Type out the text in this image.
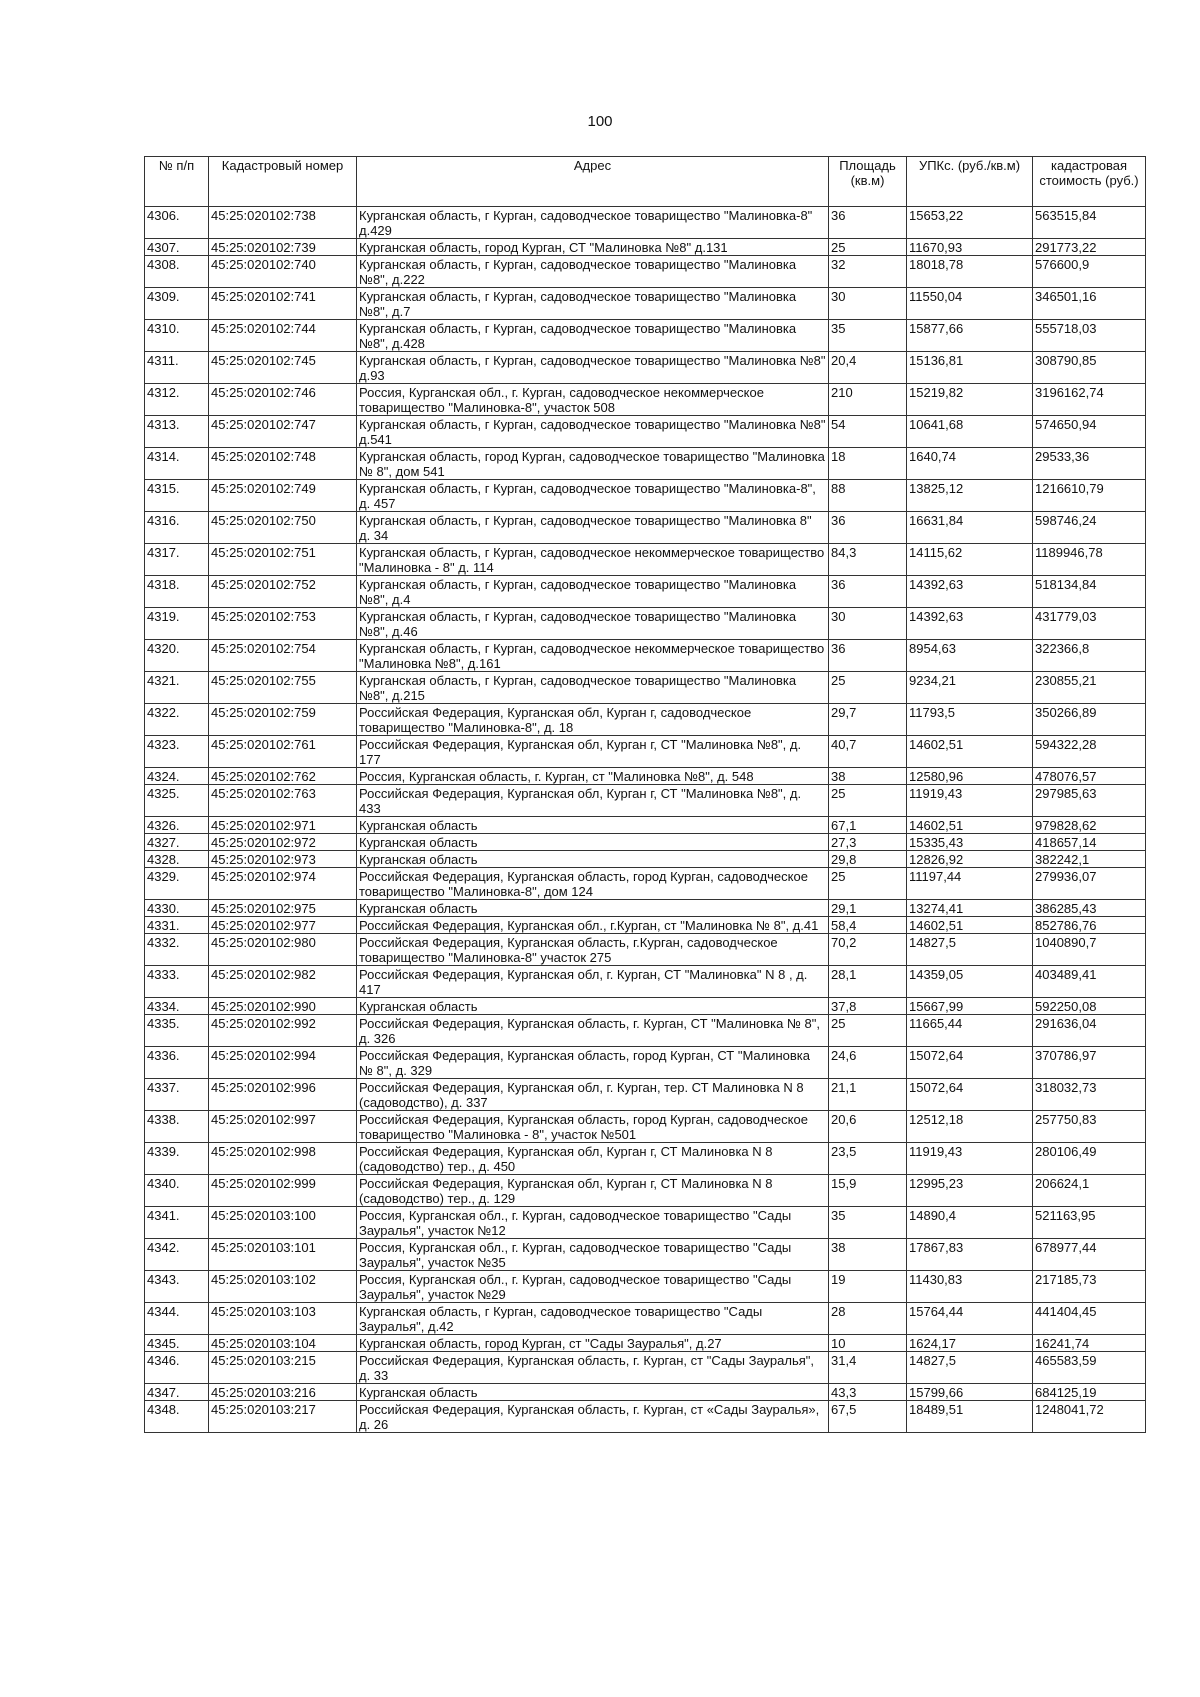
100
№ п/п	Кадастровый номер	Адрес	Площадь (кв.м)	УПКс. (руб./кв.м)	кадастровая стоимость (руб.)
4306.	45:25:020102:738	Курганская область, г Курган, садоводческое товарищество "Малиновка-8" д.429	36	15653,22	563515,84
4307.	45:25:020102:739	Курганская область, город Курган, СТ "Малиновка №8" д.131	25	11670,93	291773,22
4308.	45:25:020102:740	Курганская область, г Курган, садоводческое товарищество "Малиновка №8", д.222	32	18018,78	576600,9
4309.	45:25:020102:741	Курганская область, г Курган, садоводческое товарищество "Малиновка №8", д.7	30	11550,04	346501,16
4310.	45:25:020102:744	Курганская область, г Курган, садоводческое товарищество "Малиновка №8", д.428	35	15877,66	555718,03
4311.	45:25:020102:745	Курганская область, г Курган, садоводческое товарищество "Малиновка №8" д.93	20,4	15136,81	308790,85
4312.	45:25:020102:746	Россия, Курганская обл., г. Курган, садоводческое некоммерческое товарищество "Малиновка-8", участок 508	210	15219,82	3196162,74
4313.	45:25:020102:747	Курганская область, г Курган, садоводческое товарищество "Малиновка №8" д.541	54	10641,68	574650,94
4314.	45:25:020102:748	Курганская область, город Курган, садоводческое товарищество "Малиновка № 8", дом 541	18	1640,74	29533,36
4315.	45:25:020102:749	Курганская область, г Курган, садоводческое товарищество "Малиновка-8", д. 457	88	13825,12	1216610,79
4316.	45:25:020102:750	Курганская область, г Курган, садоводческое товарищество "Малиновка 8" д. 34	36	16631,84	598746,24
4317.	45:25:020102:751	Курганская область, г Курган, садоводческое некоммерческое товарищество "Малиновка - 8" д. 114	84,3	14115,62	1189946,78
4318.	45:25:020102:752	Курганская область, г Курган, садоводческое товарищество "Малиновка №8", д.4	36	14392,63	518134,84
4319.	45:25:020102:753	Курганская область, г Курган, садоводческое товарищество "Малиновка №8", д.46	30	14392,63	431779,03
4320.	45:25:020102:754	Курганская область, г Курган, садоводческое некоммерческое товарищество "Малиновка №8", д.161	36	8954,63	322366,8
4321.	45:25:020102:755	Курганская область, г Курган, садоводческое товарищество "Малиновка №8", д.215	25	9234,21	230855,21
4322.	45:25:020102:759	Российская Федерация, Курганская обл, Курган г, садоводческое товарищество "Малиновка-8", д. 18	29,7	11793,5	350266,89
4323.	45:25:020102:761	Российская Федерация, Курганская обл, Курган г, СТ "Малиновка №8", д. 177	40,7	14602,51	594322,28
4324.	45:25:020102:762	Россия, Курганская область, г. Курган, ст "Малиновка №8", д. 548	38	12580,96	478076,57
4325.	45:25:020102:763	Российская Федерация, Курганская обл, Курган г, СТ "Малиновка №8", д. 433	25	11919,43	297985,63
4326.	45:25:020102:971	Курганская область	67,1	14602,51	979828,62
4327.	45:25:020102:972	Курганская область	27,3	15335,43	418657,14
4328.	45:25:020102:973	Курганская область	29,8	12826,92	382242,1
4329.	45:25:020102:974	Российская Федерация, Курганская область, город Курган, садоводческое товарищество "Малиновка-8", дом 124	25	11197,44	279936,07
4330.	45:25:020102:975	Курганская область	29,1	13274,41	386285,43
4331.	45:25:020102:977	Российская Федерация, Курганская обл., г.Курган, ст "Малиновка № 8", д.41	58,4	14602,51	852786,76
4332.	45:25:020102:980	Российская Федерация, Курганская область, г.Курган, садоводческое товарищество "Малиновка-8" участок 275	70,2	14827,5	1040890,7
4333.	45:25:020102:982	Российская Федерация, Курганская обл, г. Курган, СТ "Малиновка" N 8 , д. 417	28,1	14359,05	403489,41
4334.	45:25:020102:990	Курганская область	37,8	15667,99	592250,08
4335.	45:25:020102:992	Российская Федерация, Курганская область, г. Курган, СТ "Малиновка № 8", д. 326	25	11665,44	291636,04
4336.	45:25:020102:994	Российская Федерация, Курганская область, город Курган, СТ "Малиновка № 8", д. 329	24,6	15072,64	370786,97
4337.	45:25:020102:996	Российская Федерация, Курганская обл, г. Курган, тер. СТ Малиновка N 8 (садоводство), д. 337	21,1	15072,64	318032,73
4338.	45:25:020102:997	Российская Федерация, Курганская область, город Курган, садоводческое товарищество "Малиновка - 8", участок №501	20,6	12512,18	257750,83
4339.	45:25:020102:998	Российская Федерация, Курганская обл, Курган г, СТ Малиновка N 8 (садоводство) тер., д. 450	23,5	11919,43	280106,49
4340.	45:25:020102:999	Российская Федерация, Курганская обл, Курган г, СТ Малиновка N 8 (садоводство) тер., д. 129	15,9	12995,23	206624,1
4341.	45:25:020103:100	Россия, Курганская обл., г. Курган, садоводческое товарищество "Сады Зауралья", участок №12	35	14890,4	521163,95
4342.	45:25:020103:101	Россия, Курганская обл., г. Курган, садоводческое товарищество "Сады Зауралья", участок №35	38	17867,83	678977,44
4343.	45:25:020103:102	Россия, Курганская обл., г. Курган, садоводческое товарищество "Сады Зауралья", участок №29	19	11430,83	217185,73
4344.	45:25:020103:103	Курганская область, г Курган, садоводческое товарищество "Сады Зауралья", д.42	28	15764,44	441404,45
4345.	45:25:020103:104	Курганская область, город Курган, ст "Сады Зауралья", д.27	10	1624,17	16241,74
4346.	45:25:020103:215	Российская Федерация, Курганская область, г. Курган, ст "Сады Зауралья", д. 33	31,4	14827,5	465583,59
4347.	45:25:020103:216	Курганская область	43,3	15799,66	684125,19
4348.	45:25:020103:217	Российская Федерация, Курганская область, г. Курган, ст «Сады Зауралья», д. 26	67,5	18489,51	1248041,72
